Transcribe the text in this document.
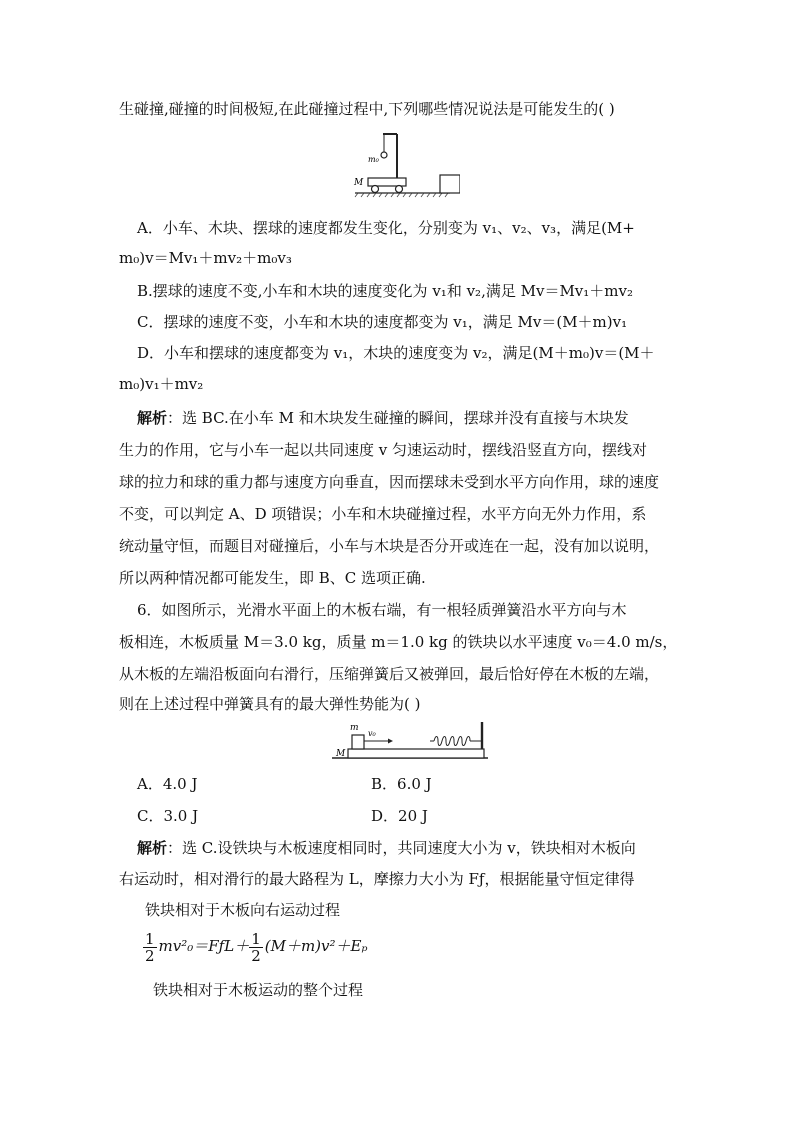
生碰撞,碰撞的时间极短,在此碰撞过程中,下列哪些情况说法是可能发生的( )
m₀
M
A．小车、木块、摆球的速度都发生变化，分别变为 v₁、v₂、v₃，满足(M+
m₀)v＝Mv₁＋mv₂＋m₀v₃
B.摆球的速度不变,小车和木块的速度变化为 v₁和 v₂,满足 Mv＝Mv₁＋mv₂
C．摆球的速度不变，小车和木块的速度都变为 v₁，满足 Mv＝(M＋m)v₁
D．小车和摆球的速度都变为 v₁，木块的速度变为 v₂，满足(M＋m₀)v＝(M＋
m₀)v₁＋mv₂
解析：选 BC.在小车 M 和木块发生碰撞的瞬间，摆球并没有直接与木块发
生力的作用，它与小车一起以共同速度 v 匀速运动时，摆线沿竖直方向，摆线对
球的拉力和球的重力都与速度方向垂直，因而摆球未受到水平方向作用，球的速度
不变，可以判定 A、D 项错误；小车和木块碰撞过程，水平方向无外力作用，系
统动量守恒，而题目对碰撞后，小车与木块是否分开或连在一起，没有加以说明，
所以两种情况都可能发生，即 B、C 选项正确.
6．如图所示，光滑水平面上的木板右端，有一根轻质弹簧沿水平方向与木
板相连，木板质量 M＝3.0 kg，质量 m＝1.0 kg 的铁块以水平速度 v₀＝4.0 m/s，
从木板的左端沿板面向右滑行，压缩弹簧后又被弹回，最后恰好停在木板的左端，
则在上述过程中弹簧具有的最大弹性势能为( )
m
v₀
M
A．4.0 J	B．6.0 J
C．3.0 J	D．20 J
解析：选 C.设铁块与木板速度相同时，共同速度大小为 v，铁块相对木板向
右运动时，相对滑行的最大路程为 L，摩擦力大小为 Fƒ，根据能量守恒定律得
铁块相对于木板向右运动过程
$\frac{1}{2}$ mv²₀＝FƒL＋ $\frac{1}{2} (M+m)v^2+E_p$
铁块相对于木板运动的整个过程
